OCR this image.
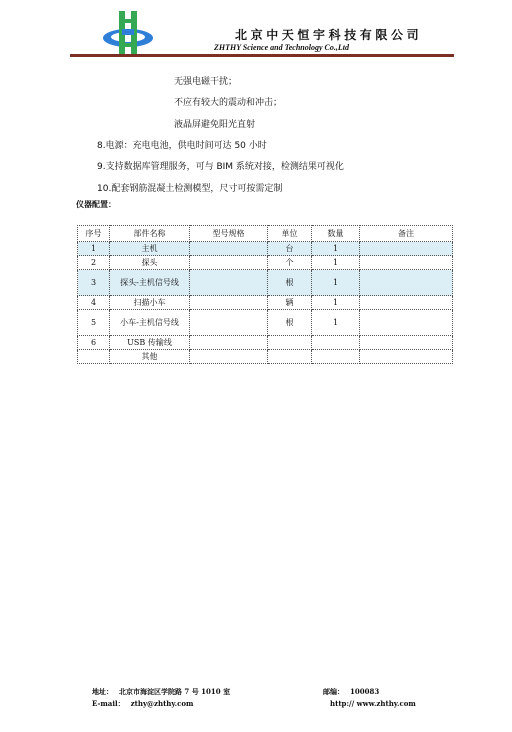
北京中天恒宇科技有限公司
ZHTHY Science and Technology Co.,Ltd
无强电磁干扰；
不应有较大的震动和冲击；
液晶屏避免阳光直射
8.电源：充电电池，供电时间可达 50 小时
9.支持数据库管理服务，可与 BIM 系统对接，检测结果可视化
10.配套钢筋混凝土检测模型，尺寸可按需定制
仪器配置：
序号	部件名称	型号规格	单位	数量	备注
1	主机		台	1	
2	探头		个	1	
3	探头-主机信号线		根	1	
4	扫描小车		辆	1	
5	小车-主机信号线		根	1	
6	USB 传输线				
	其他				
地址： 北京市海淀区学院路 7 号 1010 室	邮编： 100083
E-mail： zthy@zhthy.com	http:// www.zhthy.com
